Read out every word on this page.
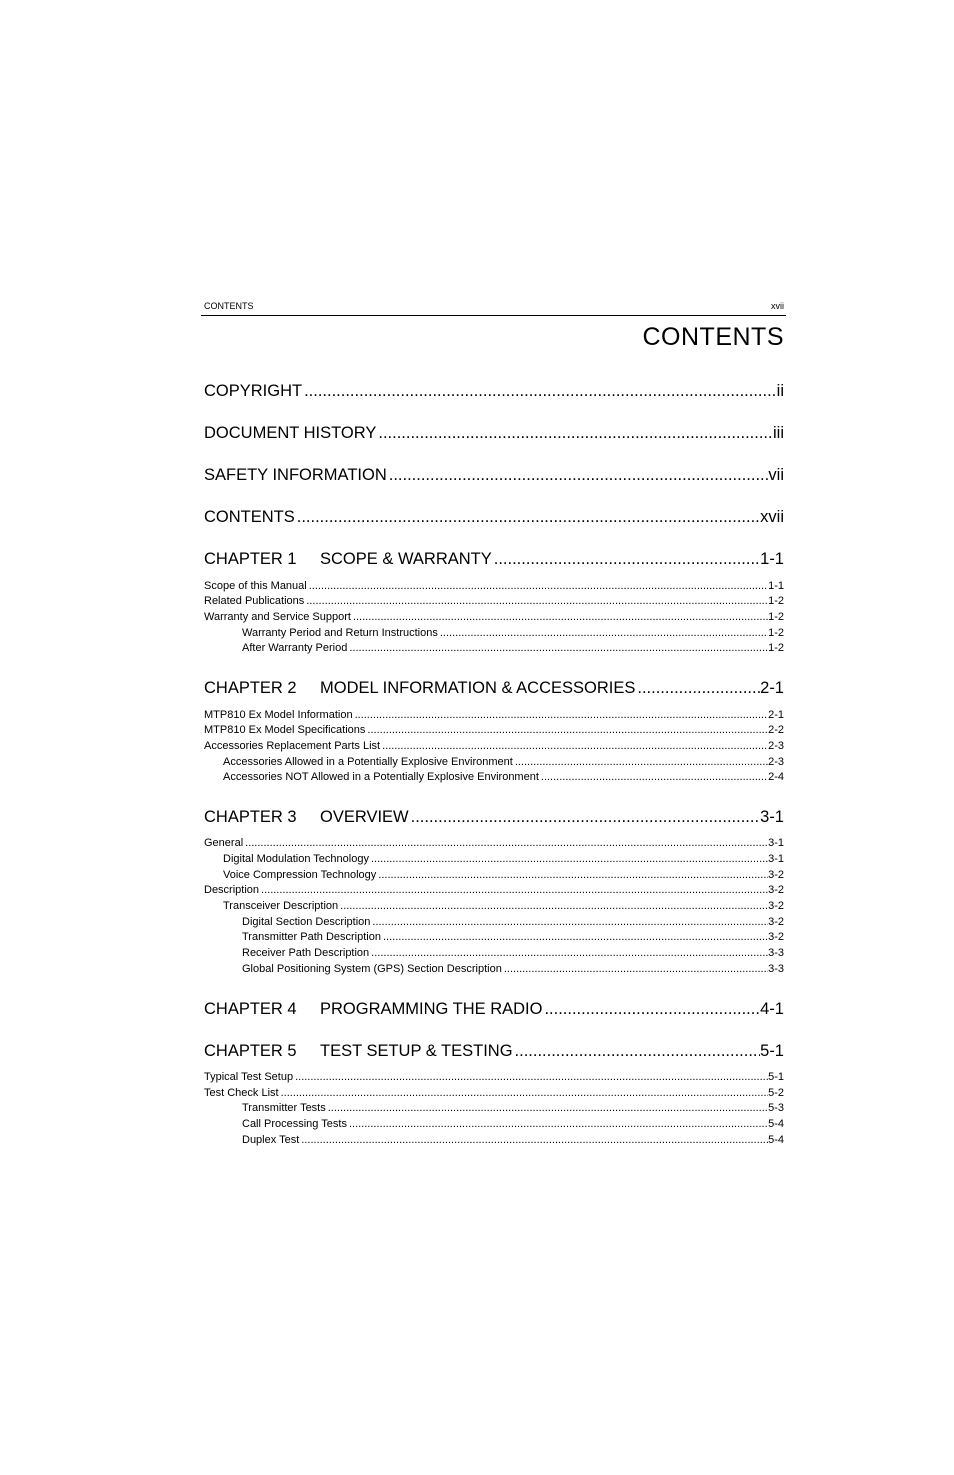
CONTENTS	xvii
CONTENTS
COPYRIGHT .....	ii
DOCUMENT HISTORY .....	iii
SAFETY INFORMATION .....	vii
CONTENTS .....	xvii
CHAPTER 1 SCOPE & WARRANTY .....	1-1
Scope of this Manual .....	1-1
Related Publications .....	1-2
Warranty and Service Support .....	1-2
Warranty Period and Return Instructions .....	1-2
After Warranty Period .....	1-2
CHAPTER 2 MODEL INFORMATION & ACCESSORIES .....	2-1
MTP810 Ex Model Information .....	2-1
MTP810 Ex Model Specifications .....	2-2
Accessories Replacement Parts List .....	2-3
Accessories Allowed in a Potentially Explosive Environment .....	2-3
Accessories NOT Allowed in a Potentially Explosive Environment .....	2-4
CHAPTER 3 OVERVIEW .....	3-1
General .....	3-1
Digital Modulation Technology .....	3-1
Voice Compression Technology .....	3-2
Description .....	3-2
Transceiver Description .....	3-2
Digital Section Description .....	3-2
Transmitter Path Description .....	3-2
Receiver Path Description .....	3-3
Global Positioning System (GPS) Section Description .....	3-3
CHAPTER 4 PROGRAMMING THE RADIO .....	4-1
CHAPTER 5 TEST SETUP & TESTING .....	5-1
Typical Test Setup .....	5-1
Test Check List .....	5-2
Transmitter Tests .....	5-3
Call Processing Tests .....	5-4
Duplex Test .....	5-4
